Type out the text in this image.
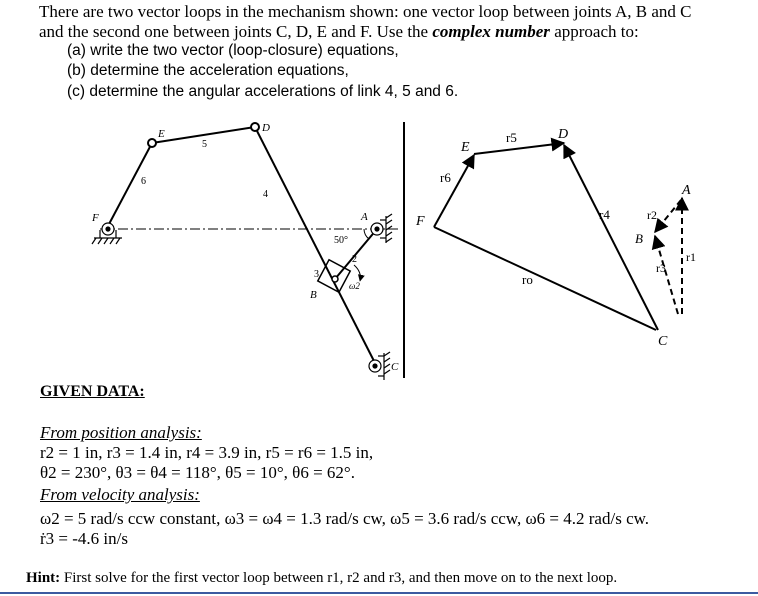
There are two vector loops in the mechanism shown: one vector loop between joints A, B and C
and the second one between joints C, D, E and F. Use the complex number approach to:
(a) write the two vector (loop-closure) equations,
(b) determine the acceleration equations,
(c) determine the angular accelerations of link 4, 5 and 6.
E	D
F	A
B
C
5
6
4
3
2
50°
ω2
E
D
F
A
B
C
r5
r6
r4	r2
r3
r1
ro
GIVEN DATA:
From position analysis:
r2 = 1 in, r3 = 1.4 in, r4 = 3.9 in, r5 = r6 = 1.5 in,
θ2 = 230°, θ3 = θ4 = 118°, θ5 = 10°, θ6 = 62°.
From velocity analysis:
ω2 = 5 rad/s ccw constant, ω3 = ω4 = 1.3 rad/s cw, ω5 = 3.6 rad/s ccw, ω6 = 4.2 rad/s cw.
ṙ3 = -4.6 in/s
Hint: First solve for the first vector loop between r1, r2 and r3, and then move on to the next loop.
